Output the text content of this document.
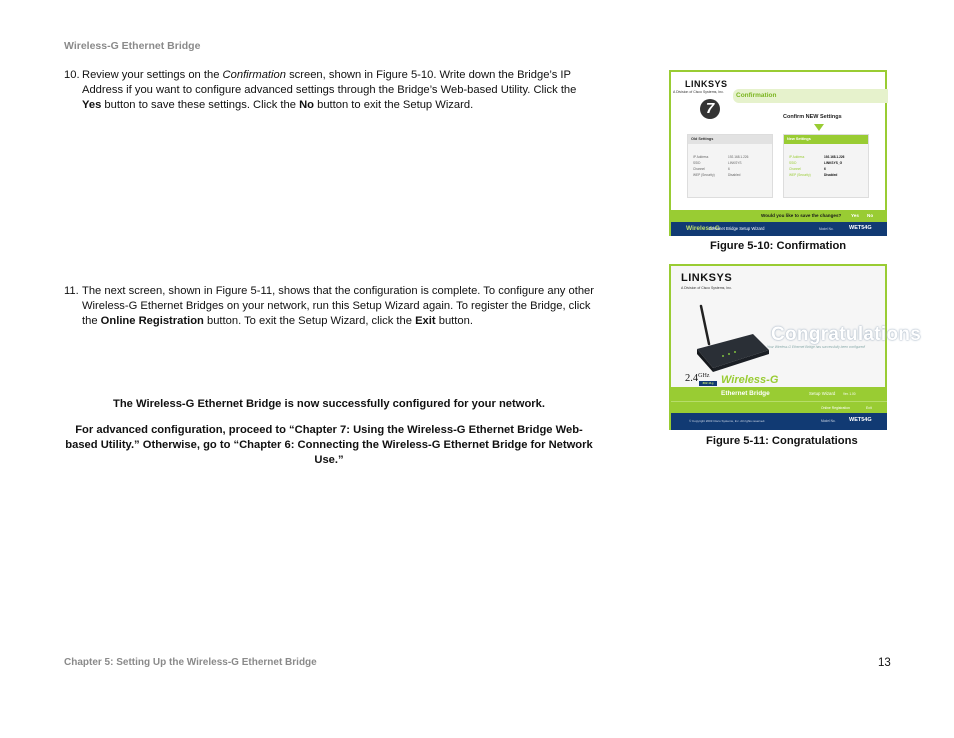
Wireless-G Ethernet Bridge
10. Review your settings on the Confirmation screen, shown in Figure 5-10. Write down the Bridge’s IP Address if you want to configure advanced settings through the Bridge’s Web-based Utility. Click the Yes button to save these settings. Click the No button to exit the Setup Wizard.
11. The next screen, shown in Figure 5-11, shows that the configuration is complete. To configure any other Wireless-G Ethernet Bridges on your network, run this Setup Wizard again. To register the Bridge, click the Online Registration button. To exit the Setup Wizard, click the Exit button.
The Wireless-G Ethernet Bridge is now successfully configured for your network.
For advanced configuration, proceed to “Chapter 7: Using the Wireless-G Ethernet Bridge Web-based Utility.” Otherwise, go to “Chapter 6: Connecting the Wireless-G Ethernet Bridge for Network Use.”
LINKSYS
A Division of Cisco Systems, Inc. Confirmation
7	Confirm NEW Settings
Old Settings
IP Address	192.168.1.226
SSID	LINKSYS
Channel	6
WEP (Security)	Disabled
New Settings
IP Address	192.168.1.226
SSID	LINKSYS_G
Channel	6
WEP (Security)	Disabled
Would you like to save the changes? Yes No
Wireless-G
Ethernet Bridge Setup Wizard	Model No.	WET54G
Figure 5-10: Confirmation
LINKSYS
A Division of Cisco Systems, Inc.
Congratulations
Your Wireless-G Ethernet Bridge has successfully been configured!
$2.4^{GHz}$
802.11g Wireless-G
Ethernet Bridge	Setup Wizard Ver. 1.00
Online Registration	Exit
© Copyright 2003 Cisco Systems, Inc. All rights reserved.	Model No. WET54G
Figure 5-11: Congratulations
Chapter 5: Setting Up the Wireless-G Ethernet Bridge	13
